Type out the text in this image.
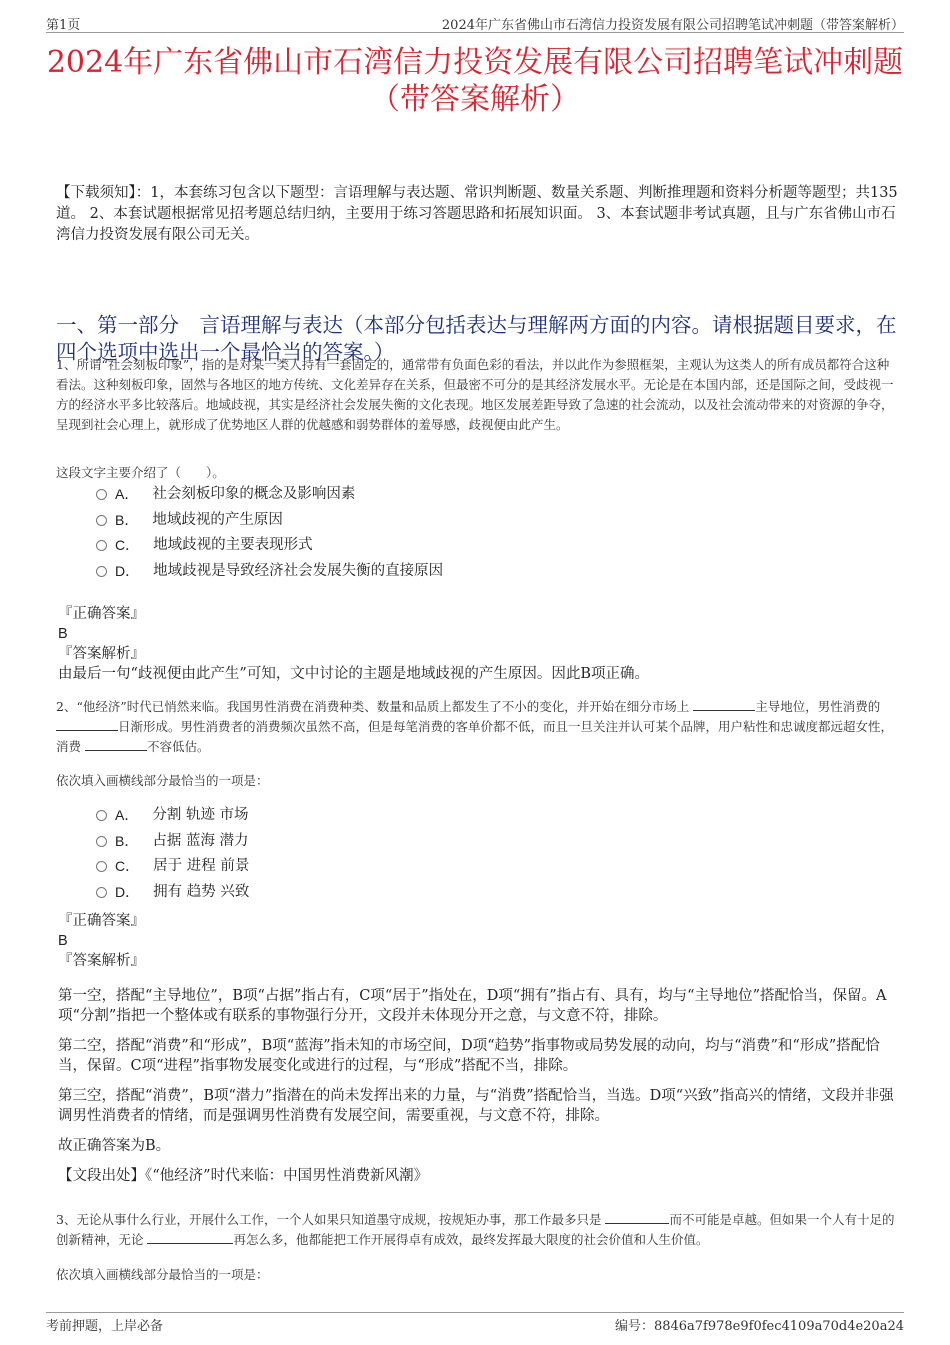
第1页	2024年广东省佛山市石湾信力投资发展有限公司招聘笔试冲刺题（带答案解析）
2024年广东省佛山市石湾信力投资发展有限公司招聘笔试冲刺题（带答案解析）
【下载须知】：1，本套练习包含以下题型：言语理解与表达题、常识判断题、数量关系题、判断推理题和资料分析题等题型；共135道。 2、本套试题根据常见招考题总结归纳，主要用于练习答题思路和拓展知识面。 3、本套试题非考试真题，且与广东省佛山市石湾信力投资发展有限公司无关。
一、第一部分　言语理解与表达（本部分包括表达与理解两方面的内容。请根据题目要求，在四个选项中选出一个最恰当的答案。）
1、所谓“社会刻板印象”，指的是对某一类人持有一套固定的，通常带有负面色彩的看法，并以此作为参照框架，主观认为这类人的所有成员都符合这种看法。这种刻板印象，固然与各地区的地方传统、文化差异存在关系，但最密不可分的是其经济发展水平。无论是在本国内部，还是国际之间，受歧视一方的经济水平多比较落后。地域歧视，其实是经济社会发展失衡的文化表现。地区发展差距导致了急速的社会流动，以及社会流动带来的对资源的争夺，呈现到社会心理上，就形成了优势地区人群的优越感和弱势群体的羞辱感，歧视便由此产生。
这段文字主要介绍了（　　）。
A． 社会刻板印象的概念及影响因素
B． 地域歧视的产生原因
C． 地域歧视的主要表现形式
D． 地域歧视是导致经济社会发展失衡的直接原因
『正确答案』
B
『答案解析』
由最后一句“歧视便由此产生”可知，文中讨论的主题是地域歧视的产生原因。因此B项正确。
2、“他经济”时代已悄然来临。我国男性消费在消费种类、数量和品质上都发生了不小的变化，并开始在细分市场上	主导地位，男性消费的 日渐形成。男性消费者的消费频次虽然不高，但是每笔消费的客单价都不低，而且一旦关注并认可某个品牌，用户粘性和忠诚度都远超女性，消费	不容低估。
依次填入画横线部分最恰当的一项是：
A． 分割 轨迹 市场
B． 占据 蓝海 潜力
C． 居于 进程 前景
D． 拥有 趋势 兴致
『正确答案』
B
『答案解析』

第一空，搭配“主导地位”，B项“占据”指占有，C项“居于”指处在，D项“拥有”指占有、具有，均与“主导地位”搭配恰当，保留。A项“分割”指把一个整体或有联系的事物强行分开，文段并未体现分开之意，与文意不符，排除。

第二空，搭配“消费”和“形成”，B项“蓝海”指未知的市场空间，D项“趋势”指事物或局势发展的动向，均与“消费”和“形成”搭配恰当，保留。C项“进程”指事物发展变化或进行的过程，与“形成”搭配不当，排除。

第三空，搭配“消费”，B项“潜力”指潜在的尚未发挥出来的力量，与“消费”搭配恰当，当选。D项“兴致”指高兴的情绪，文段并非强调男性消费者的情绪，而是强调男性消费有发展空间，需要重视，与文意不符，排除。

故正确答案为B。

【文段出处】《“他经济”时代来临：中国男性消费新风潮》

3、无论从事什么行业，开展什么工作，一个人如果只知道墨守成规，按规矩办事，那工作最多只是	而不可能是卓越。但如果一个人有十足的创新精神，无论	再怎么多，他都能把工作开展得卓有成效，最终发挥最大限度的社会价值和人生价值。
依次填入画横线部分最恰当的一项是：
考前押题，上岸必备	编号：8846a7f978e9f0fec4109a70d4e20a24
